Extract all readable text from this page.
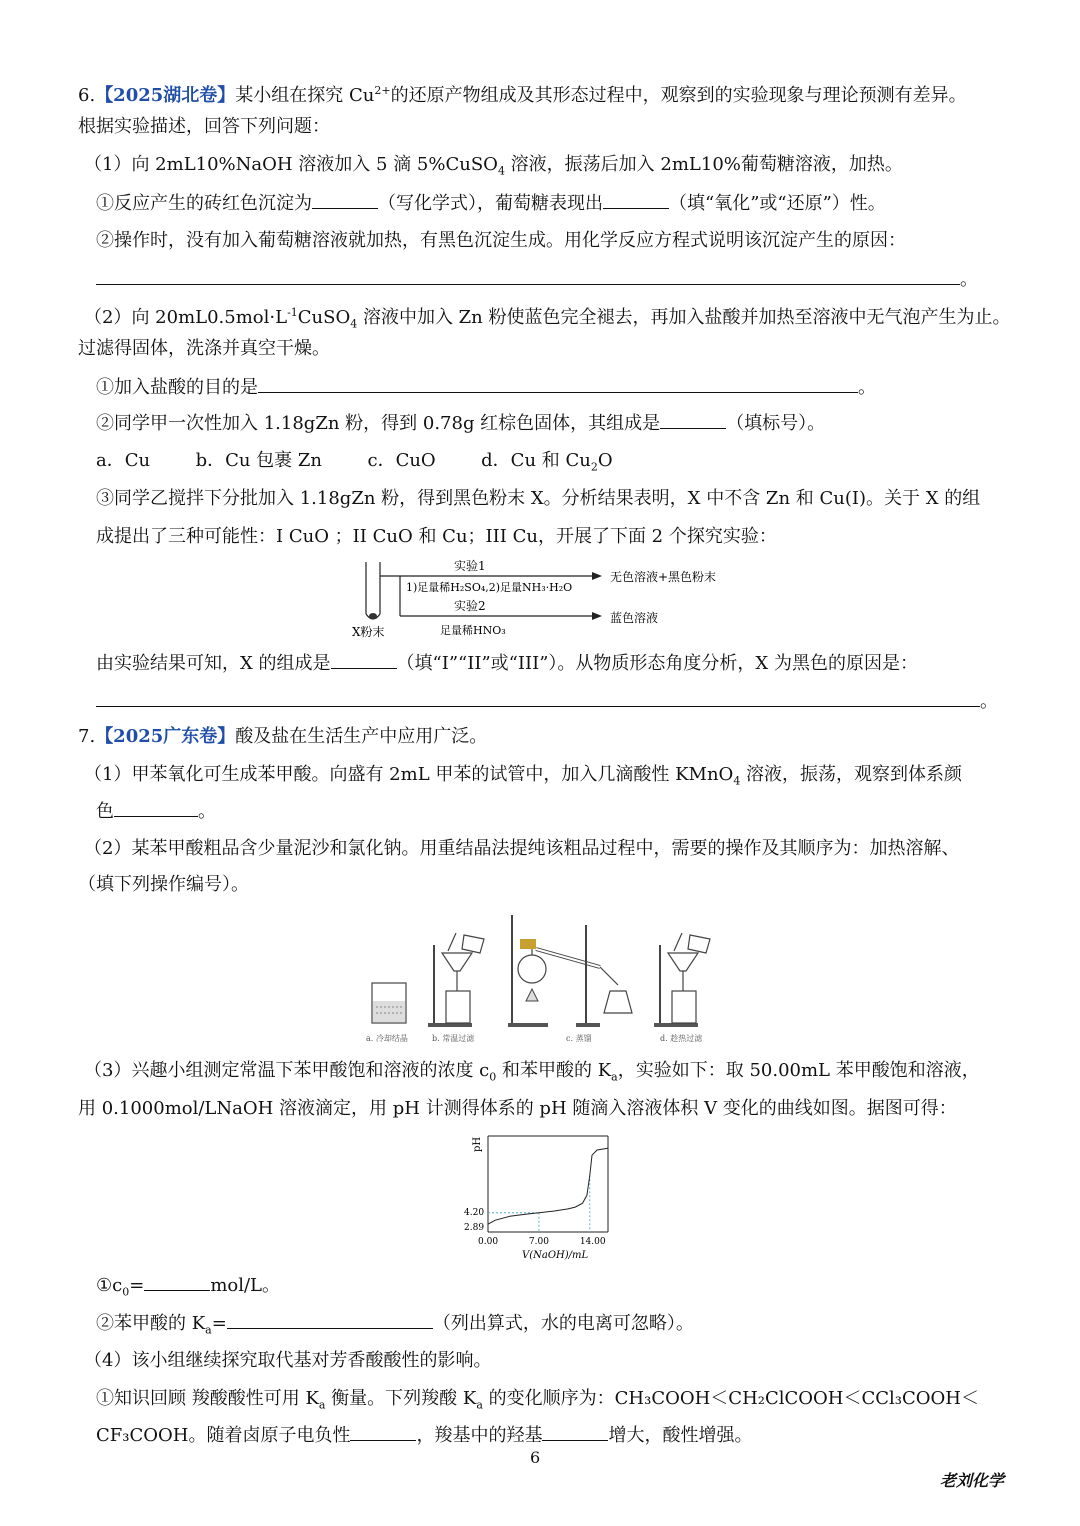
6.【2025湖北卷】某小组在探究 $Cu^{2+}$的还原产物组成及其形态过程中，观察到的实验现象与理论预测有差异。
根据实验描述，回答下列问题：
（1）向 2mL10%NaOH 溶液加入 5 滴 5%CuSO$_4$ 溶液，振荡后加入 2mL10%葡萄糖溶液，加热。
①反应产生的砖红色沉淀为	（写化学式），葡萄糖表现出	（填“氧化”或“还原”）性。
②操作时，没有加入葡萄糖溶液就加热，有黑色沉淀生成。用化学反应方程式说明该沉淀产生的原因：
。
（2）向 $20mL0.5mol\cdot L^{-1}CuSO_4$ 溶液中加入 Zn 粉使蓝色完全褪去，再加入盐酸并加热至溶液中无气泡产生为止。
过滤得固体，洗涤并真空干燥。
①加入盐酸的目的是	。
②同学甲一次性加入 1.18gZn 粉，得到 0.78g 红棕色固体，其组成是	（填标号）。
a．Cu	b．Cu 包裹 Zn	c．CuO	d．Cu 和 $Cu_2O$
③同学乙搅拌下分批加入 1.18gZn 粉，得到黑色粉末 X。分析结果表明，X 中不含 Zn 和 Cu(I)。关于 X 的组
成提出了三种可能性：I CuO ；II CuO 和 Cu；III Cu，开展了下面 2 个探究实验：
X粉末
实验1
1)足量稀H₂SO₄,2)足量NH₃·H₂O
无色溶液+黑色粉末
实验2
足量稀HNO₃
蓝色溶液
由实验结果可知，X 的组成是	（填“I”“II”或“III”）。从物质形态角度分析，X 为黑色的原因是：
。
7.【2025广东卷】酸及盐在生活生产中应用广泛。
（1）甲苯氧化可生成苯甲酸。向盛有 2mL 甲苯的试管中，加入几滴酸性 KMnO$_4$ 溶液，振荡，观察到体系颜
色	。
（2）某苯甲酸粗品含少量泥沙和氯化钠。用重结晶法提纯该粗品过程中，需要的操作及其顺序为：加热溶解、
（填下列操作编号）。
a. 冷却结晶	b. 常温过滤	c. 蒸馏	d. 趁热过滤
（3）兴趣小组测定常温下苯甲酸饱和溶液的浓度 $c_0$ 和苯甲酸的 $K_a$，实验如下：取 50.00mL 苯甲酸饱和溶液，
用 0.1000mol/LNaOH 溶液滴定，用 pH 计测得体系的 pH 随滴入溶液体积 V 变化的曲线如图。据图可得：
pH
V(NaOH)/mL
0.00	7.00	14.00
2.89
4.20
$①c_0=$	mol/L。
②苯甲酸的 $K_a=$	（列出算式，水的电离可忽略）。
（4）该小组继续探究取代基对芳香酸酸性的影响。
①知识回顾 羧酸酸性可用 $K_a$ 衡量。下列羧酸 $K_a$ 的变化顺序为：CH₃COOH＜CH₂ClCOOH＜CCl₃COOH＜
CF₃COOH。随着卤原子电负性	，羧基中的羟基	增大，酸性增强。
6
老刘化学
